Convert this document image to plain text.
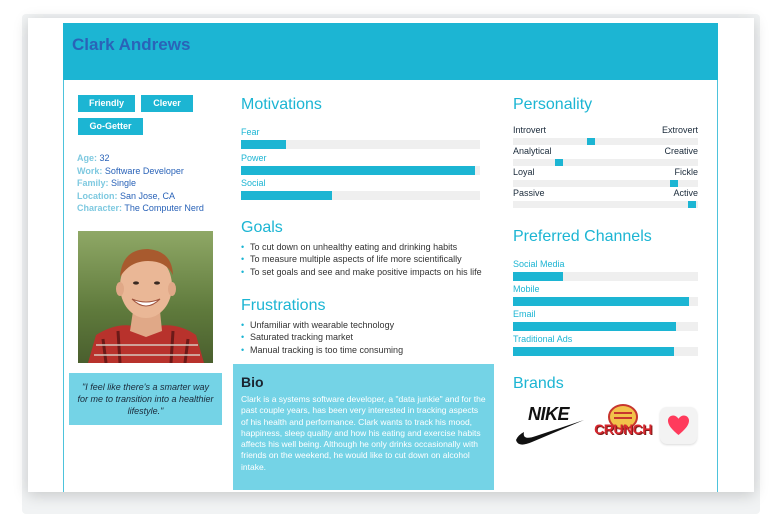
Clark Andrews
Friendly	Clever
Go-Getter
Age: 32
Work: Software Developer
Family: Single
Location: San Jose, CA
Character: The Computer Nerd
"I feel like there's a smarter way for me to transition into a healthier lifestyle."
Motivations
Fear
Power
Social
Goals
• To cut down on unhealthy eating and drinking habits
• To measure multiple aspects of life more scientifically
• To set goals and see and make positive impacts on his life
Frustrations
• Unfamiliar with wearable technology
• Saturated tracking market
• Manual tracking is too time consuming
Bio

Clark is a systems software developer, a "data junkie" and for the past couple years, has been very interested in tracking aspects of his health and performance. Clark wants to track his mood, happiness, sleep quality and how his eating and exercise habits affects his well being. Although he only drinks occasionally with friends on the weekend, he would like to cut down on alcohol intake.

Personality
Introvert	Extrovert
Analytical	Creative
Loyal	Fickle
Passive	Active
Preferred Channels
Social Media
Mobile
Email
Traditional Ads
Brands
NIKE
CRUNCH
